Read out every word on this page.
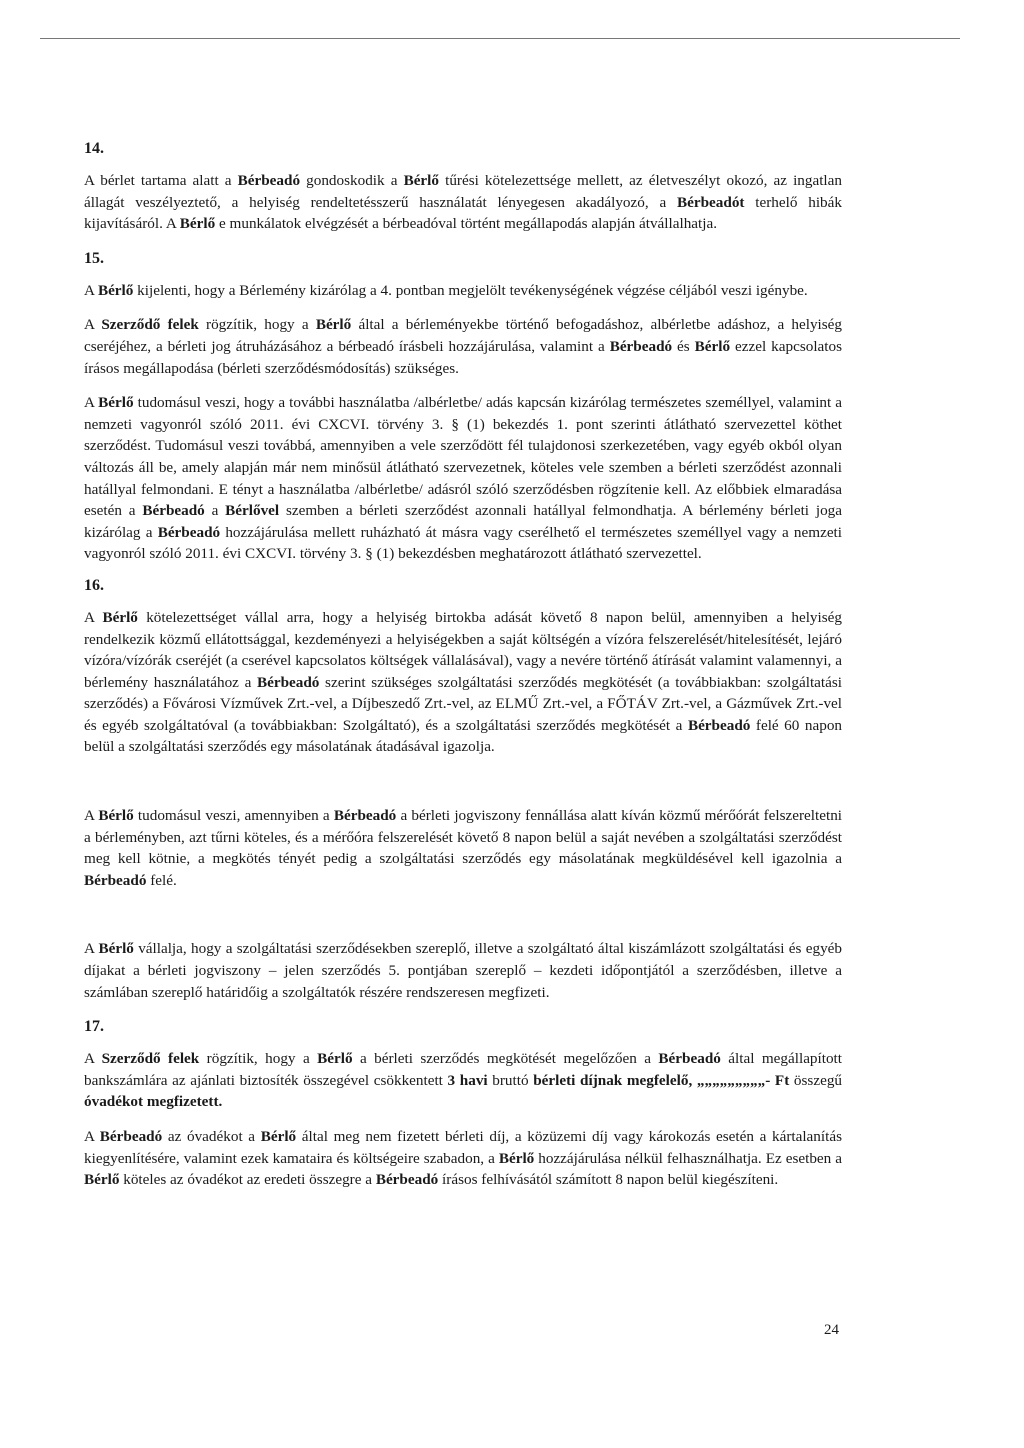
14.

A bérlet tartama alatt a Bérbeadó gondoskodik a Bérlő tűrési kötelezettsége mellett, az életveszélyt okozó, az ingatlan állagát veszélyeztető, a helyiség rendeltetésszerű használatát lényegesen akadályozó, a Bérbeadót terhelő hibák kijavításáról. A Bérlő e munkálatok elvégzését a bérbeadóval történt megállapodás alapján átvállalhatja.

15.

A Bérlő kijelenti, hogy a Bérlemény kizárólag a 4. pontban megjelölt tevékenységének végzése céljából veszi igénybe.

A Szerződő felek rögzítik, hogy a Bérlő által a bérleményekbe történő befogadáshoz, albérletbe adáshoz, a helyiség cseréjéhez, a bérleti jog átruházásához a bérbeadó írásbeli hozzájárulása, valamint a Bérbeadó és Bérlő ezzel kapcsolatos írásos megállapodása (bérleti szerződésmódosítás) szükséges.

A Bérlő tudomásul veszi, hogy a további használatba /albérletbe/ adás kapcsán kizárólag természetes személlyel, valamint a nemzeti vagyonról szóló 2011. évi CXCVI. törvény 3. § (1) bekezdés 1. pont szerinti átlátható szervezettel köthet szerződést. Tudomásul veszi továbbá, amennyiben a vele szerződött fél tulajdonosi szerkezetében, vagy egyéb okból olyan változás áll be, amely alapján már nem minősül átlátható szervezetnek, köteles vele szemben a bérleti szerződést azonnali hatállyal felmondani. E tényt a használatba /albérletbe/ adásról szóló szerződésben rögzítenie kell. Az előbbiek elmaradása esetén a Bérbeadó a Bérlővel szemben a bérleti szerződést azonnali hatállyal felmondhatja. A bérlemény bérleti joga kizárólag a Bérbeadó hozzájárulása mellett ruházható át másra vagy cserélhető el természetes személlyel vagy a nemzeti vagyonról szóló 2011. évi CXCVI. törvény 3. § (1) bekezdésben meghatározott átlátható szervezettel.

16.

A Bérlő kötelezettséget vállal arra, hogy a helyiség birtokba adását követő 8 napon belül, amennyiben a helyiség rendelkezik közmű ellátottsággal, kezdeményezi a helyiségekben a saját költségén a vízóra felszerelését/hitelesítését, lejáró vízóra/vízórák cseréjét (a cserével kapcsolatos költségek vállalásával), vagy a nevére történő átírását valamint valamennyi, a bérlemény használatához a Bérbeadó szerint szükséges szolgáltatási szerződés megkötését (a továbbiakban: szolgáltatási szerződés) a Fővárosi Vízművek Zrt.-vel, a Díjbeszedő Zrt.-vel, az ELMŰ Zrt.-vel, a FŐTÁV Zrt.-vel, a Gázművek Zrt.-vel és egyéb szolgáltatóval (a továbbiakban: Szolgáltató), és a szolgáltatási szerződés megkötését a Bérbeadó felé 60 napon belül a szolgáltatási szerződés egy másolatának átadásával igazolja.

A Bérlő tudomásul veszi, amennyiben a Bérbeadó a bérleti jogviszony fennállása alatt kíván közmű mérőórát felszereltetni a bérleményben, azt tűrni köteles, és a mérőóra felszerelését követő 8 napon belül a saját nevében a szolgáltatási szerződést meg kell kötnie, a megkötés tényét pedig a szolgáltatási szerződés egy másolatának megküldésével kell igazolnia a Bérbeadó felé.

A Bérlő vállalja, hogy a szolgáltatási szerződésekben szereplő, illetve a szolgáltató által kiszámlázott szolgáltatási és egyéb díjakat a bérleti jogviszony – jelen szerződés 5. pontjában szereplő – kezdeti időpontjától a szerződésben, illetve a számlában szereplő határidőig a szolgáltatók részére rendszeresen megfizeti.

17.

A Szerződő felek rögzítik, hogy a Bérlő a bérleti szerződés megkötését megelőzően a Bérbeadó által megállapított bankszámlára az ajánlati biztosíték összegével csökkentett 3 havi bruttó bérleti díjnak megfelelő, „„„„„„„„„- Ft összegű óvadékot megfizetett.

A Bérbeadó az óvadékot a Bérlő által meg nem fizetett bérleti díj, a közüzemi díj vagy károkozás esetén a kártalanítás kiegyenlítésére, valamint ezek kamataira és költségeire szabadon, a Bérlő hozzájárulása nélkül felhasználhatja. Ez esetben a Bérlő köteles az óvadékot az eredeti összegre a Bérbeadó írásos felhívásától számított 8 napon belül kiegészíteni.

24
